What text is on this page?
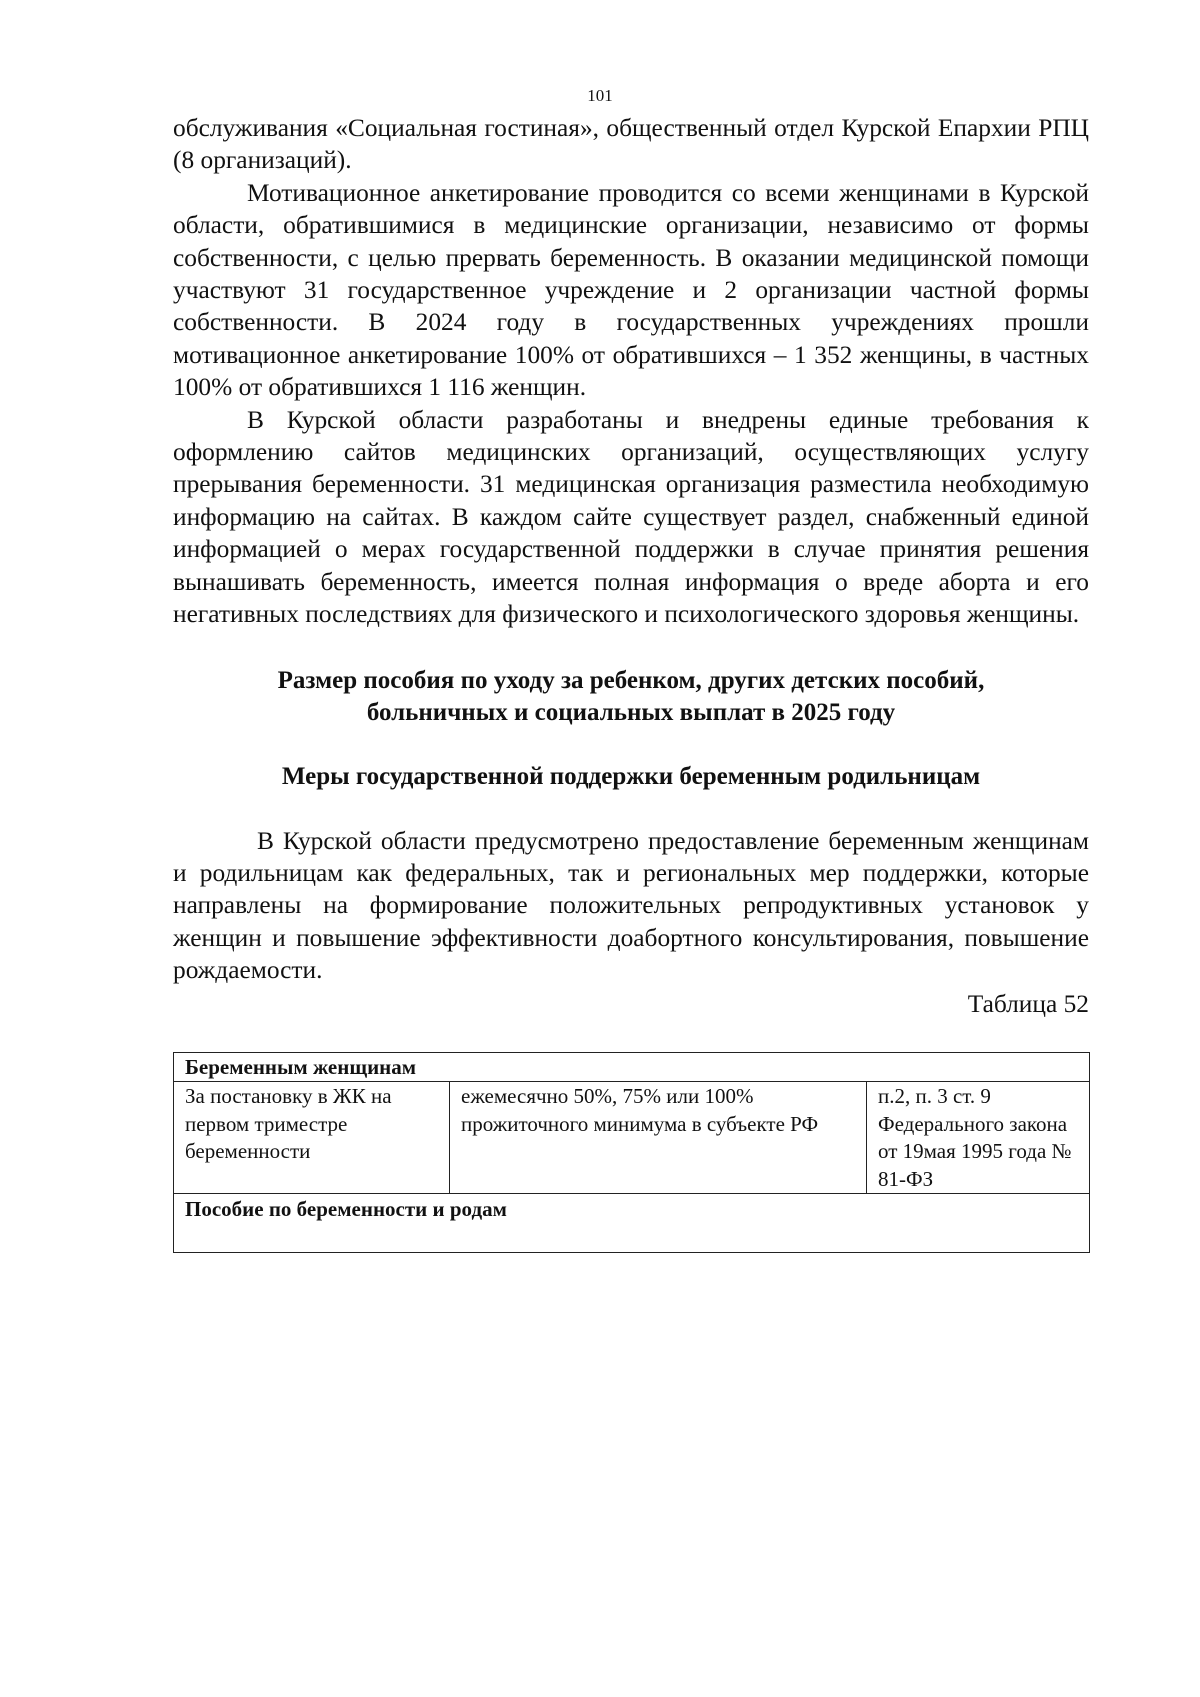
101

обслуживания «Социальная гостиная», общественный отдел Курской Епархии РПЦ (8 организаций).

Мотивационное анкетирование проводится со всеми женщинами в Курской области, обратившимися в медицинские организации, независимо от формы собственности, с целью прервать беременность. В оказании медицинской помощи участвуют 31 государственное учреждение и 2 организации частной формы собственности. В 2024 году в государственных учреждениях прошли мотивационное анкетирование 100% от обратившихся – 1 352 женщины, в частных 100% от обратившихся 1 116 женщин.

В Курской области разработаны и внедрены единые требования к оформлению сайтов медицинских организаций, осуществляющих услугу прерывания беременности. 31 медицинская организация разместила необходимую информацию на сайтах. В каждом сайте существует раздел, снабженный единой информацией о мерах государственной поддержки в случае принятия решения вынашивать беременность, имеется полная информация о вреде аборта и его негативных последствиях для физического и психологического здоровья женщины.

Размер пособия по уходу за ребенком, других детских пособий,
больничных и социальных выплат в 2025 году

Меры государственной поддержки беременным родильницам

В Курской области предусмотрено предоставление беременным женщинам и родильницам как федеральных, так и региональных мер поддержки, которые направлены на формирование положительных репродуктивных установок у женщин и повышение эффективности доабортного консультирования, повышение рождаемости.

Таблица 52

Беременным женщинам
За постановку в ЖК на первом триместре беременности	ежемесячно 50%, 75% или 100% прожиточного минимума в субъекте РФ	п.2, п. 3 ст. 9 Федерального закона от 19мая 1995 года № 81-ФЗ
Пособие по беременности и родам
